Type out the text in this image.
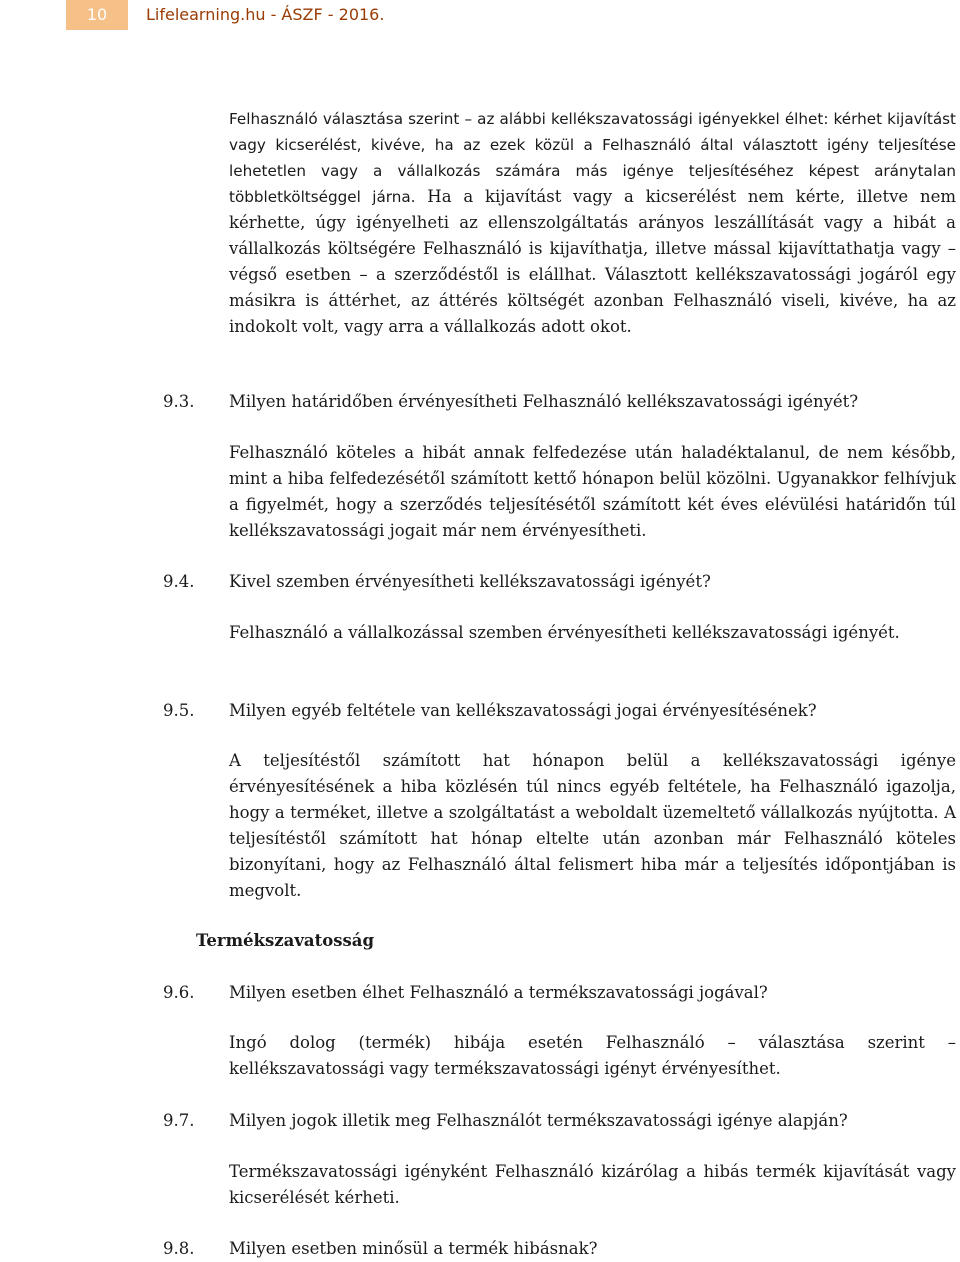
10	Lifelearning.hu - ÁSZF - 2016.
Felhasználó választása szerint – az alábbi kellékszavatossági igényekkel élhet: kérhet kijavítást vagy kicserélést, kivéve, ha az ezek közül a Felhasználó által választott igény teljesítése lehetetlen vagy a vállalkozás számára más igénye teljesítéséhez képest aránytalan többletköltséggel járna. Ha a kijavítást vagy a kicserélést nem kérte, illetve nem kérhette, úgy igényelheti az ellenszolgáltatás arányos leszállítását vagy a hibát a vállalkozás költségére Felhasználó is kijavíthatja, illetve mással kijavíttathatja vagy – végső esetben – a szerződéstől is elállhat. Választott kellékszavatossági jogáról egy másikra is áttérhet, az áttérés költségét azonban Felhasználó viseli, kivéve, ha az indokolt volt, vagy arra a vállalkozás adott okot.
9.3. Milyen határidőben érvényesítheti Felhasználó kellékszavatossági igényét?
Felhasználó köteles a hibát annak felfedezése után haladéktalanul, de nem később, mint a hiba felfedezésétől számított kettő hónapon belül közölni. Ugyanakkor felhívjuk a figyelmét, hogy a szerződés teljesítésétől számított két éves elévülési határidőn túl kellékszavatossági jogait már nem érvényesítheti.
9.4. Kivel szemben érvényesítheti kellékszavatossági igényét?
Felhasználó a vállalkozással szemben érvényesítheti kellékszavatossági igényét.
9.5. Milyen egyéb feltétele van kellékszavatossági jogai érvényesítésének?
A teljesítéstől számított hat hónapon belül a kellékszavatossági igénye érvényesítésének a hiba közlésén túl nincs egyéb feltétele, ha Felhasználó igazolja, hogy a terméket, illetve a szolgáltatást a weboldalt üzemeltető vállalkozás nyújtotta. A teljesítéstől számított hat hónap eltelte után azonban már Felhasználó köteles bizonyítani, hogy az Felhasználó által felismert hiba már a teljesítés időpontjában is megvolt.
Termékszavatosság
9.6. Milyen esetben élhet Felhasználó a termékszavatossági jogával?
Ingó dolog (termék) hibája esetén Felhasználó – választása szerint – kellékszavatossági vagy termékszavatossági igényt érvényesíthet.
9.7. Milyen jogok illetik meg Felhasználót termékszavatossági igénye alapján?
Termékszavatossági igényként Felhasználó kizárólag a hibás termék kijavítását vagy kicserélését kérheti.
9.8. Milyen esetben minősül a termék hibásnak?
